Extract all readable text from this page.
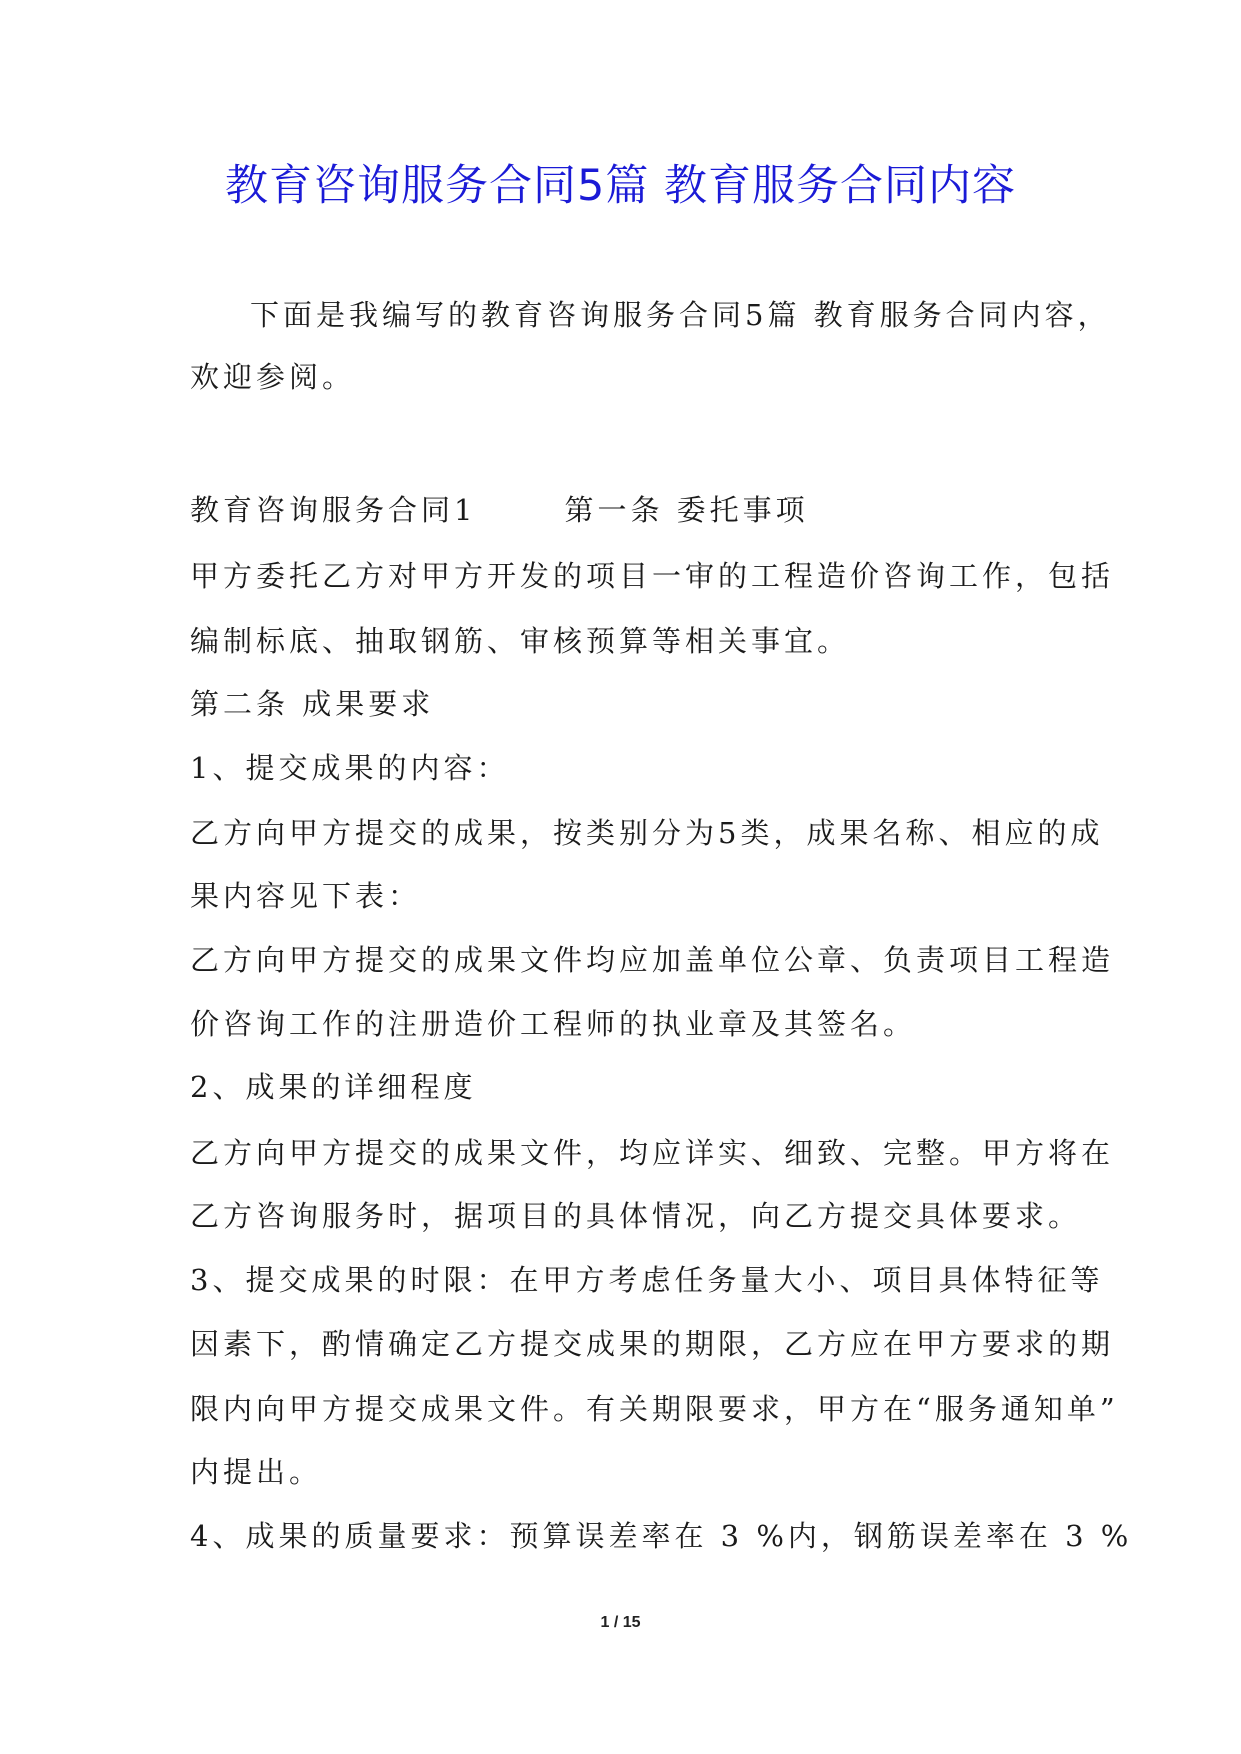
教育咨询服务合同5篇 教育服务合同内容
下面是我编写的教育咨询服务合同5篇 教育服务合同内容，
欢迎参阅。
教育咨询服务合同1	第一条 委托事项
甲方委托乙方对甲方开发的项目一审的工程造价咨询工作，包括
编制标底、抽取钢筋、审核预算等相关事宜。
第二条 成果要求
1、提交成果的内容：
乙方向甲方提交的成果，按类别分为5类，成果名称、相应的成
果内容见下表：
乙方向甲方提交的成果文件均应加盖单位公章、负责项目工程造
价咨询工作的注册造价工程师的执业章及其签名。
2、成果的详细程度
乙方向甲方提交的成果文件，均应详实、细致、完整。甲方将在
乙方咨询服务时，据项目的具体情况，向乙方提交具体要求。
3、提交成果的时限：在甲方考虑任务量大小、项目具体特征等
因素下，酌情确定乙方提交成果的期限，乙方应在甲方要求的期
限内向甲方提交成果文件。有关期限要求，甲方在“服务通知单”
内提出。
4、成果的质量要求：预算误差率在 3 %内，钢筋误差率在 3 %
1 / 15
